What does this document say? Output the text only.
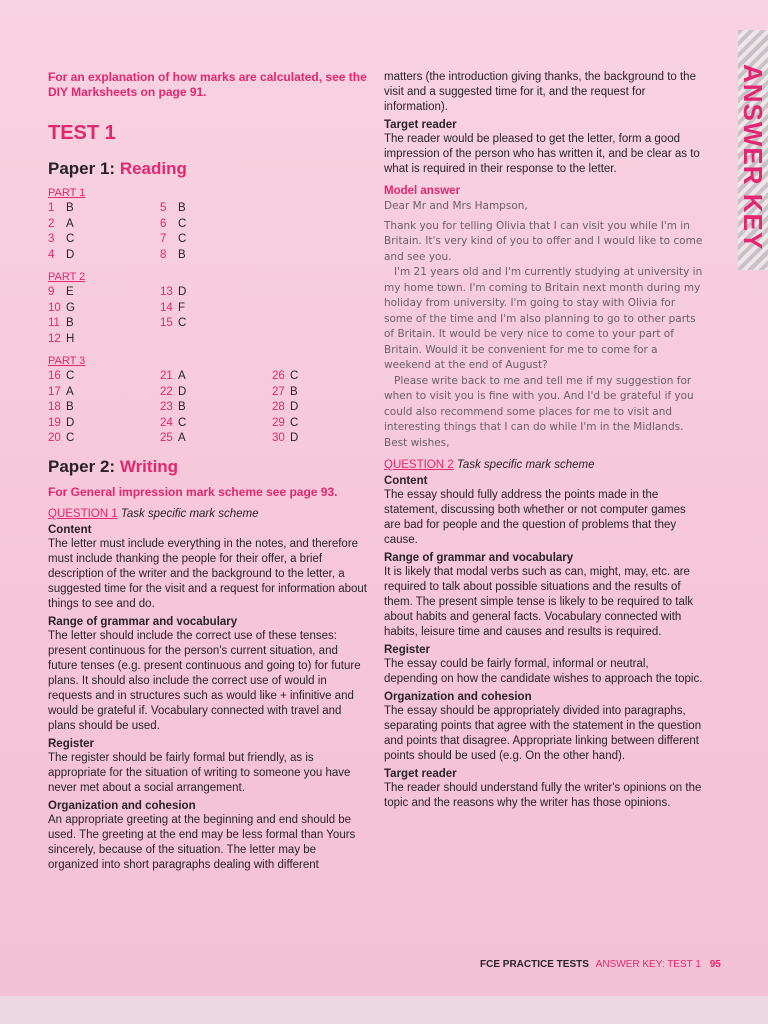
ANSWER KEY

For an explanation of how marks are calculated, see the DIY Marksheets on page 91.

TEST 1
Paper 1: Reading
PART 1
1 B
2 A
3 C
4 D
5 B
6 C
7 C
8 B
PART 2
9 E
10 G
11 B
12 H
13 D
14 F
15 C
PART 3
16 C
17 A
18 B
19 D
20 C
21 A
22 D
23 B
24 C
25 A
26 C
27 B
28 D
29 C
30 D
Paper 2: Writing

For General impression mark scheme see page 93.

QUESTION 1 Task specific mark scheme
Content

The letter must include everything in the notes, and therefore must include thanking the people for their offer, a brief description of the writer and the background to the letter, a suggested time for the visit and a request for information about things to see and do.

Range of grammar and vocabulary

The letter should include the correct use of these tenses: present continuous for the person's current situation, and future tenses (e.g. present continuous and going to) for future plans. It should also include the correct use of would in requests and in structures such as would like + infinitive and would be grateful if. Vocabulary connected with travel and plans should be used.

Register

The register should be fairly formal but friendly, as is appropriate for the situation of writing to someone you have never met about a social arrangement.

Organization and cohesion

An appropriate greeting at the beginning and end should be used. The greeting at the end may be less formal than Yours sincerely, because of the situation. The letter may be organized into short paragraphs dealing with different

matters (the introduction giving thanks, the background to the visit and a suggested time for it, and the request for information).

Target reader

The reader would be pleased to get the letter, form a good impression of the person who has written it, and be clear as to what is required in their response to the letter.

Model answer

Dear Mr and Mrs Hampson,

Thank you for telling Olivia that I can visit you while I'm in Britain. It's very kind of you to offer and I would like to come and see you.

I'm 21 years old and I'm currently studying at university in my home town. I'm coming to Britain next month during my holiday from university. I'm going to stay with Olivia for some of the time and I'm also planning to go to other parts of Britain. It would be very nice to come to your part of Britain. Would it be convenient for me to come for a weekend at the end of August?

Please write back to me and tell me if my suggestion for when to visit you is fine with you. And I'd be grateful if you could also recommend some places for me to visit and interesting things that I can do while I'm in the Midlands.

Best wishes,

QUESTION 2 Task specific mark scheme
Content

The essay should fully address the points made in the statement, discussing both whether or not computer games are bad for people and the question of problems that they cause.

Range of grammar and vocabulary

It is likely that modal verbs such as can, might, may, etc. are required to talk about possible situations and the results of them. The present simple tense is likely to be required to talk about habits and general facts. Vocabulary connected with habits, leisure time and causes and results is required.

Register

The essay could be fairly formal, informal or neutral, depending on how the candidate wishes to approach the topic.

Organization and cohesion

The essay should be appropriately divided into paragraphs, separating points that agree with the statement in the question and points that disagree. Appropriate linking between different points should be used (e.g. On the other hand).

Target reader

The reader should understand fully the writer's opinions on the topic and the reasons why the writer has those opinions.

FCE PRACTICE TESTS ANSWER KEY: TEST 1 95
